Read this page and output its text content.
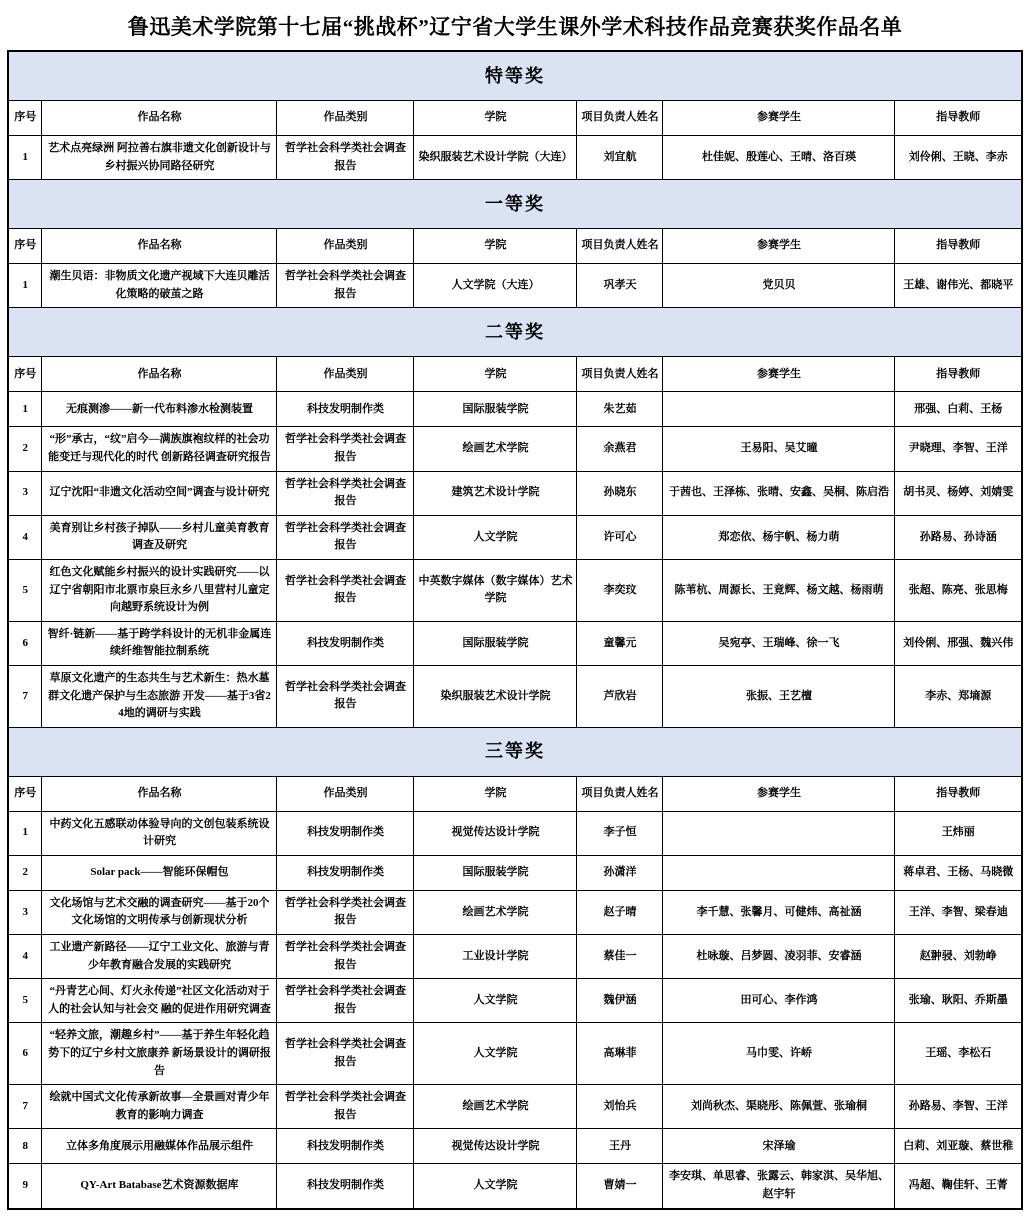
鲁迅美术学院第十七届“挑战杯”辽宁省大学生课外学术科技作品竞赛获奖作品名单
特等奖						
序号	作品名称	作品类别	学院	项目负责人姓名	参赛学生	指导教师
1	艺术点亮绿洲 阿拉善右旗非遗文化创新设计与乡村振兴协同路径研究	哲学社会科学类社会调查报告	染织服装艺术设计学院（大连）	刘宜航	杜佳妮、殷莲心、王晴、洛百瑛	刘伶俐、王晓、李赤
一等奖						
序号	作品名称	作品类别	学院	项目负责人姓名	参赛学生	指导教师
1	潮生贝语：非物质文化遗产视域下大连贝雕活化策略的破茧之路	哲学社会科学类社会调查报告	人文学院（大连）	巩孝天	党贝贝	王雄、谢伟光、都晓平
二等奖						
序号	作品名称	作品类别	学院	项目负责人姓名	参赛学生	指导教师
1	无痕测渗——新一代布料渗水检测装置	科技发明制作类	国际服装学院	朱艺茹		邢强、白莉、王杨
2	“形”承古，“纹”启今—满族旗袍纹样的社会功能变迁与现代化的时代 创新路径调查研究报告	哲学社会科学类社会调查报告	绘画艺术学院	余燕君	王易阳、吴艾曈	尹晓理、李智、王洋
3	辽宁沈阳“非遗文化活动空间”调查与设计研究	哲学社会科学类社会调查报告	建筑艺术设计学院	孙晓东	于茜也、王泽栋、张晴、安鑫、吴桐、陈启浩	胡书灵、杨婷、刘婧雯
4	美育别让乡村孩子掉队——乡村儿童美育教育调查及研究	哲学社会科学类社会调查报告	人文学院	许可心	郑恋依、杨宇帆、杨力萌	孙路易、孙诗涵
5	红色文化赋能乡村振兴的设计实践研究——以辽宁省朝阳市北票市泉巨永乡八里营村儿童定向越野系统设计为例	哲学社会科学类社会调查报告	中英数字媒体（数字媒体）艺术学院	李奕玟	陈苇杭、周源长、王竟辉、杨文越、杨雨萌	张超、陈亮、张思梅
6	智纤·链新——基于跨学科设计的无机非金属连续纤维智能拉制系统	科技发明制作类	国际服装学院	童馨元	吴宛亭、王瑞峰、徐一飞	刘伶俐、邢强、魏兴伟
7	草原文化遗产的生态共生与艺术新生：热水墓群文化遗产保护与生态旅游 开发——基于3省24地的调研与实践	哲学社会科学类社会调查报告	染织服装艺术设计学院	芦欣岩	张振、王艺檀	李赤、郑墒源
三等奖						
序号	作品名称	作品类别	学院	项目负责人姓名	参赛学生	指导教师
1	中药文化五感联动体验导向的文创包装系统设计研究	科技发明制作类	视觉传达设计学院	李子恒		王炜丽
2	Solar pack——智能环保帽包	科技发明制作类	国际服装学院	孙潇洋		蒋卓君、王杨、马晓微
3	文化场馆与艺术交融的调查研究——基于20个文化场馆的文明传承与创新现状分析	哲学社会科学类社会调查报告	绘画艺术学院	赵子晴	李千慧、张馨月、可健炜、高祉涵	王洋、李智、梁春迪
4	工业遗产新路径——辽宁工业文化、旅游与青少年教育融合发展的实践研究	哲学社会科学类社会调查报告	工业设计学院	蔡佳一	杜咏璇、吕梦圆、凌羽菲、安睿涵	赵翀骎、刘勃峥
5	“丹青艺心间、灯火永传递”社区文化活动对于人的社会认知与社会交 融的促进作用研究调查	哲学社会科学类社会调查报告	人文学院	魏伊涵	田可心、李作鸿	张瑜、耿阳、乔斯墨
6	“轻养文旅，潮趣乡村”——基于养生年轻化趋势下的辽宁乡村文旅康养 新场景设计的调研报告	哲学社会科学类社会调查报告	人文学院	高琳菲	马巾雯、许峤	王瑶、李松石
7	绘就中国式文化传承新故事—全景画对青少年教育的影响力调查	哲学社会科学类社会调查报告	绘画艺术学院	刘怡兵	刘尚秋杰、渠晓彤、陈佩萱、张瑜桐	孙路易、李智、王洋
8	立体多角度展示用融媒体作品展示组件	科技发明制作类	视觉传达设计学院	王丹	宋泽瑜	白莉、刘亚璇、蔡世稚
9	QY-Art Batabase艺术资源数据库	科技发明制作类	人文学院	曹婧一	李安琪、单思睿、张露云、韩家淇、吴华旭、赵宇轩	冯超、鞠佳轩、王菁
